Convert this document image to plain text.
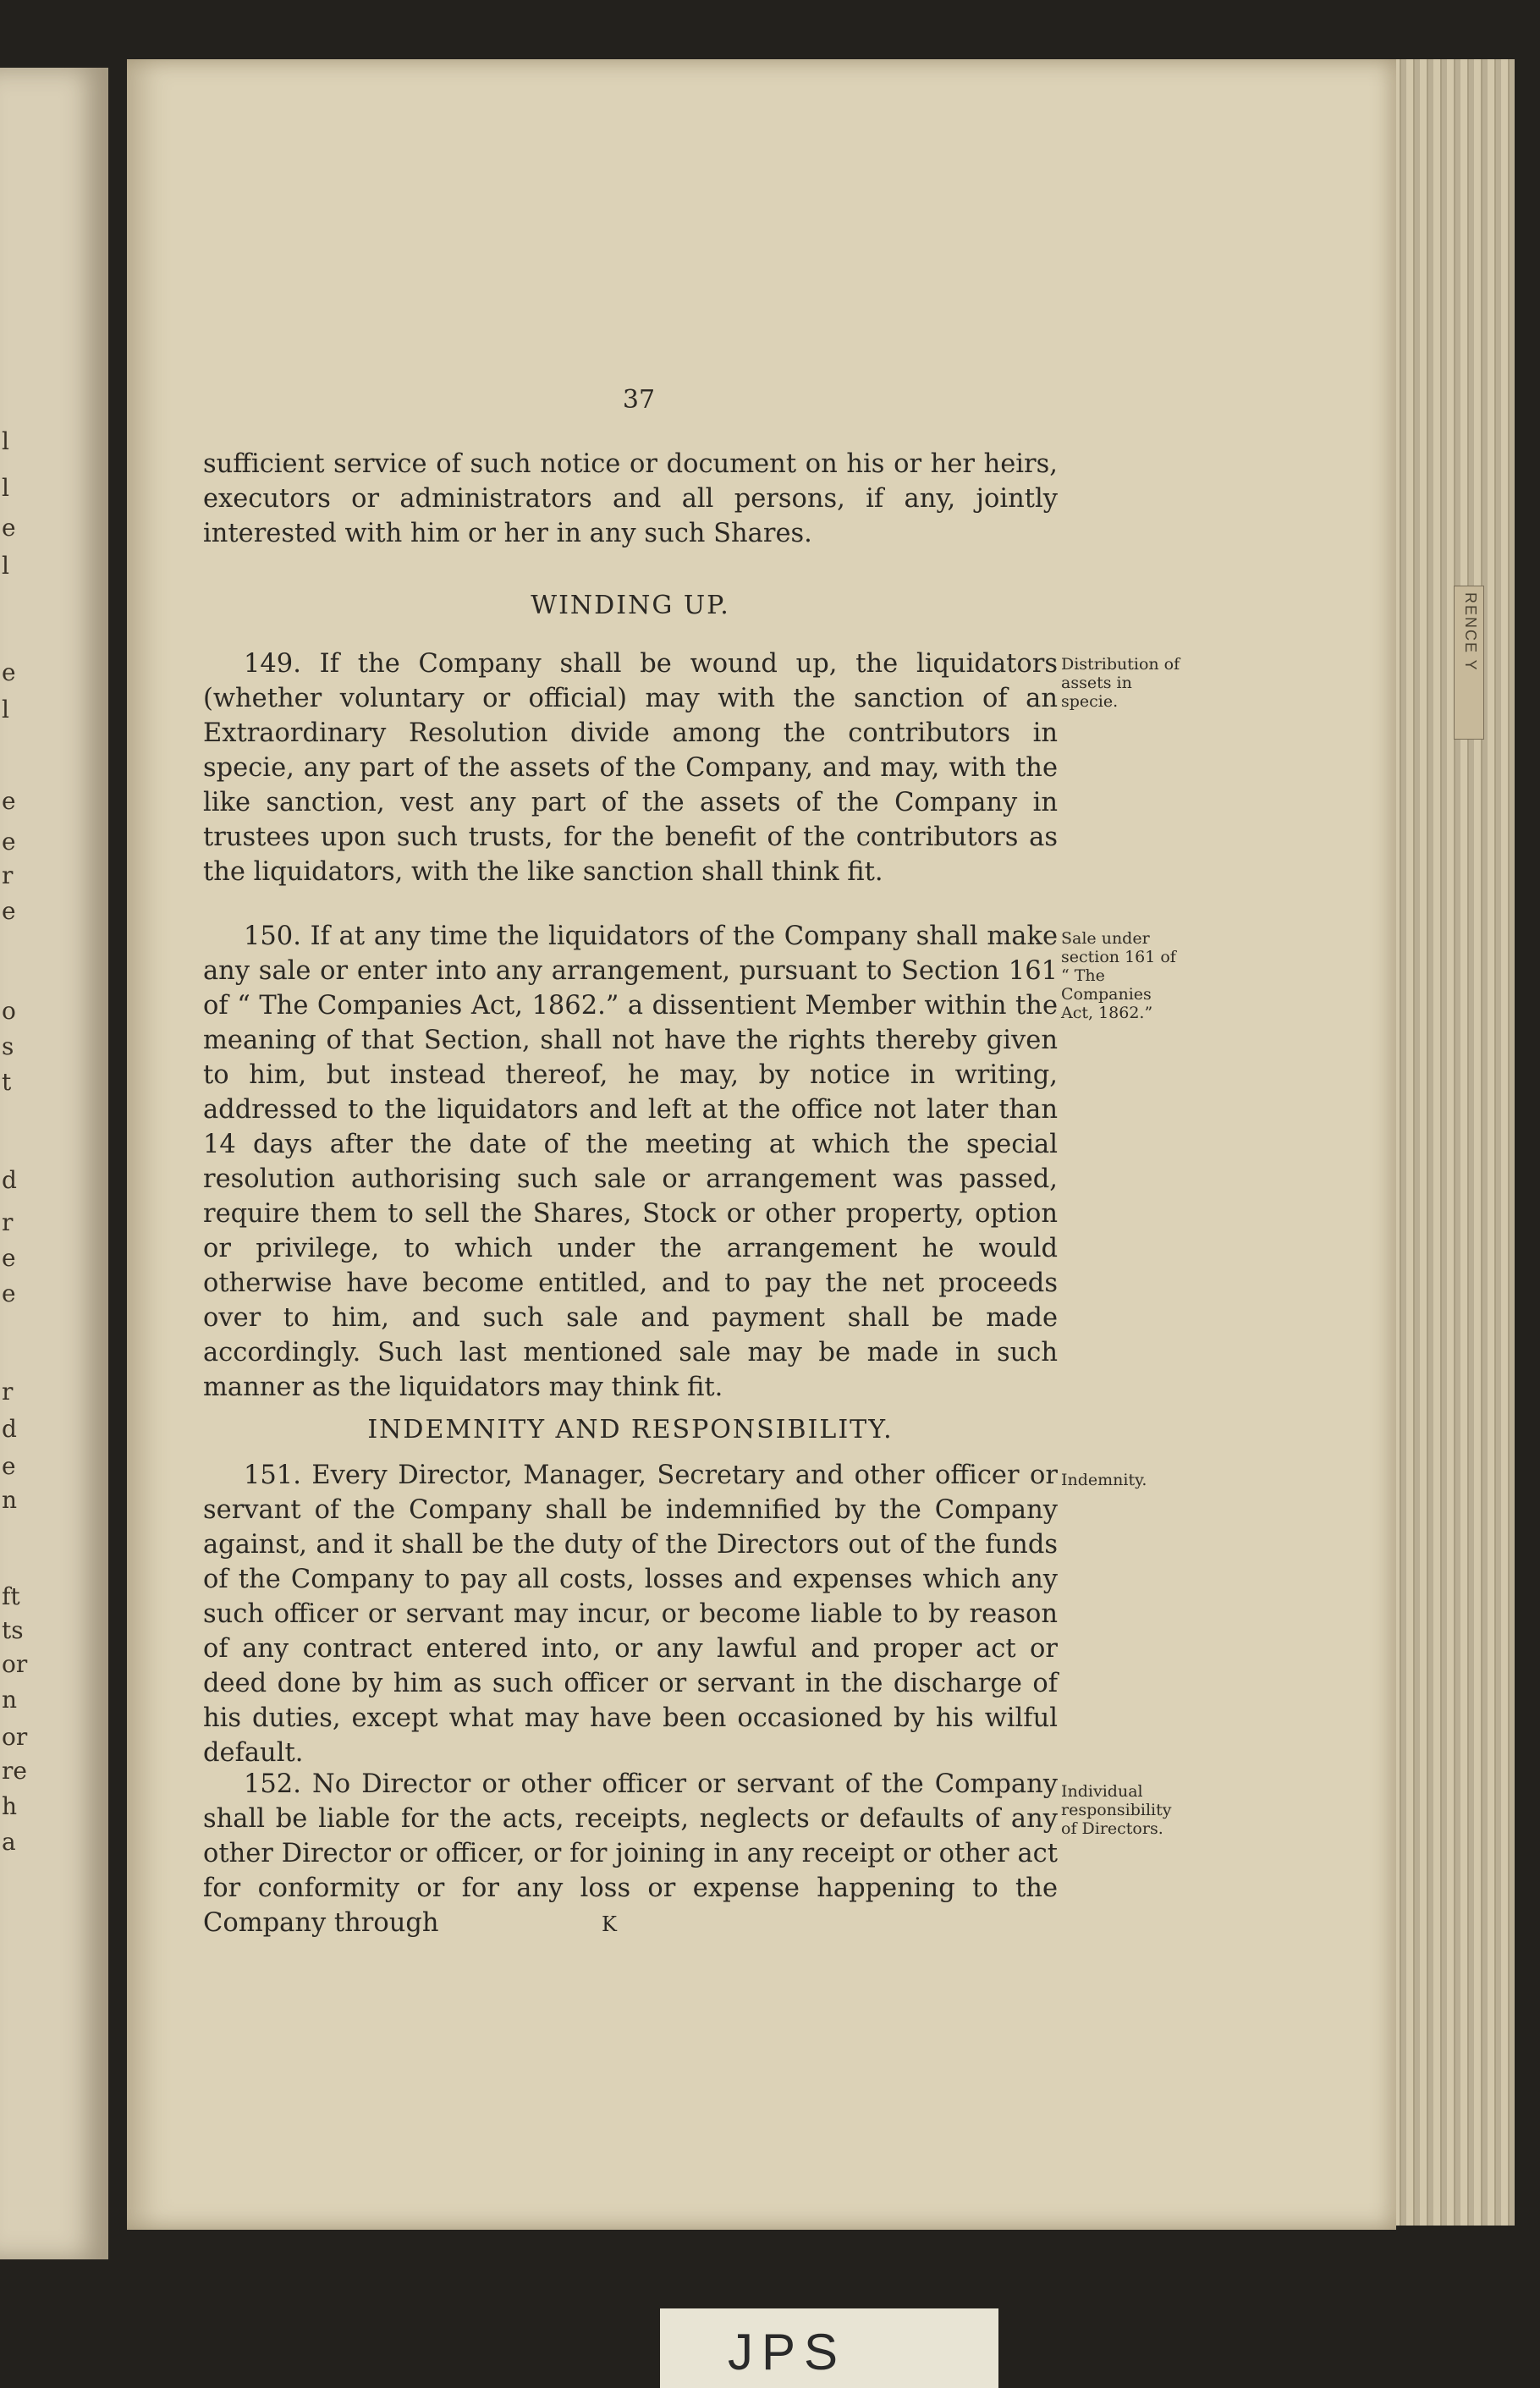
RENCE Y
37

sufficient service of such notice or document on his or her heirs, executors or administrators and all persons, if any, jointly interested with him or her in any such Shares.

WINDING UP.

149. If the Company shall be wound up, the liquidators (whether voluntary or official) may with the sanction of an Extraordinary Resolution divide among the contributors in specie, any part of the assets of the Company, and may, with the like sanction, vest any part of the assets of the Company in trustees upon such trusts, for the benefit of the contributors as the liquidators, with the like sanction shall think fit.

Distribution of assets in specie.

150. If at any time the liquidators of the Company shall make any sale or enter into any arrangement, pursuant to Section 161 of “ The Companies Act, 1862.” a dissentient Member within the meaning of that Section, shall not have the rights thereby given to him, but instead thereof, he may, by notice in writing, addressed to the liquidators and left at the office not later than 14 days after the date of the meeting at which the special resolution authorising such sale or arrangement was passed, require them to sell the Shares, Stock or other property, option or privilege, to which under the arrangement he would otherwise have become entitled, and to pay the net proceeds over to him, and such sale and payment shall be made accordingly. Such last mentioned sale may be made in such manner as the liquidators may think fit.

Sale under section 161 of “ The Companies Act, 1862.”
INDEMNITY AND RESPONSIBILITY.

151. Every Director, Manager, Secretary and other officer or servant of the Company shall be indemnified by the Company against, and it shall be the duty of the Directors out of the funds of the Company to pay all costs, losses and expenses which any such officer or servant may incur, or become liable to by reason of any contract entered into, or any lawful and proper act or deed done by him as such officer or servant in the discharge of his duties, except what may have been occasioned by his wilful default.

Indemnity.

152. No Director or other officer or servant of the Company shall be liable for the acts, receipts, neglects or defaults of any other Director or officer, or for joining in any receipt or other act for conformity or for any loss or expense happening to the Company through

Individual responsibility of Directors.
K
JPS
l
l
e
l
e
l
e
e
r
e
o
s
t
d
r
e
e
r
d
e
n
ft
ts
or
n
or
re
h
a
